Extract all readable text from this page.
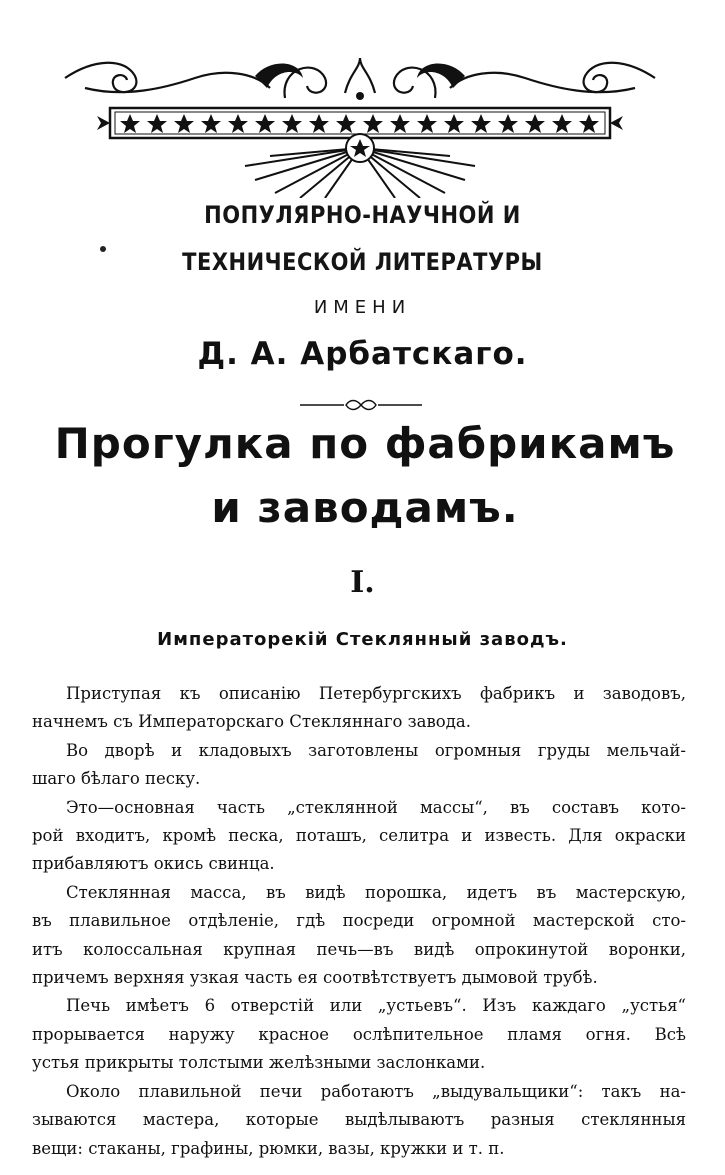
ПОПУЛЯРНО-НАУЧНОЙ И
ТЕХНИЧЕСКОЙ ЛИТЕРАТУРЫ
ИМЕНИ
Д. А. Арбатскаго.
Прогулка по фабрикамъ
и заводамъ.
I.
Императорекій Стеклянный заводъ.
Приступая къ описанію Петербургскихъ фабрикъ и заводовъ,
начнемъ съ Императорскаго Стекляннаго завода.
Во дворѣ и кладовыхъ заготовлены огромныя груды мельчай-
шаго бѣлаго песку.
Это—основная часть „стеклянной массы“, въ составъ кото-
рой входитъ, кромѣ песка, поташъ, селитра и известь. Для окраски
прибавляютъ окись свинца.
Стеклянная масса, въ видѣ порошка, идетъ въ мастерскую,
въ плавильное отдѣленіе, гдѣ посреди огромной мастерской сто-
итъ колоссальная крупная печь—въ видѣ опрокинутой воронки,
причемъ верхняя узкая часть ея соотвѣтствуетъ дымовой трубѣ.
Печь имѣетъ 6 отверстій или „устьевъ“. Изъ каждаго „устья“
прорывается наружу красное ослѣпительное пламя огня. Всѣ
устья прикрыты толстыми желѣзными заслонками.
Около плавильной печи работаютъ „выдувальщики“: такъ на-
зываются мастера, которые выдѣлываютъ разныя стеклянныя
вещи: стаканы, графины, рюмки, вазы, кружки и т. п.
